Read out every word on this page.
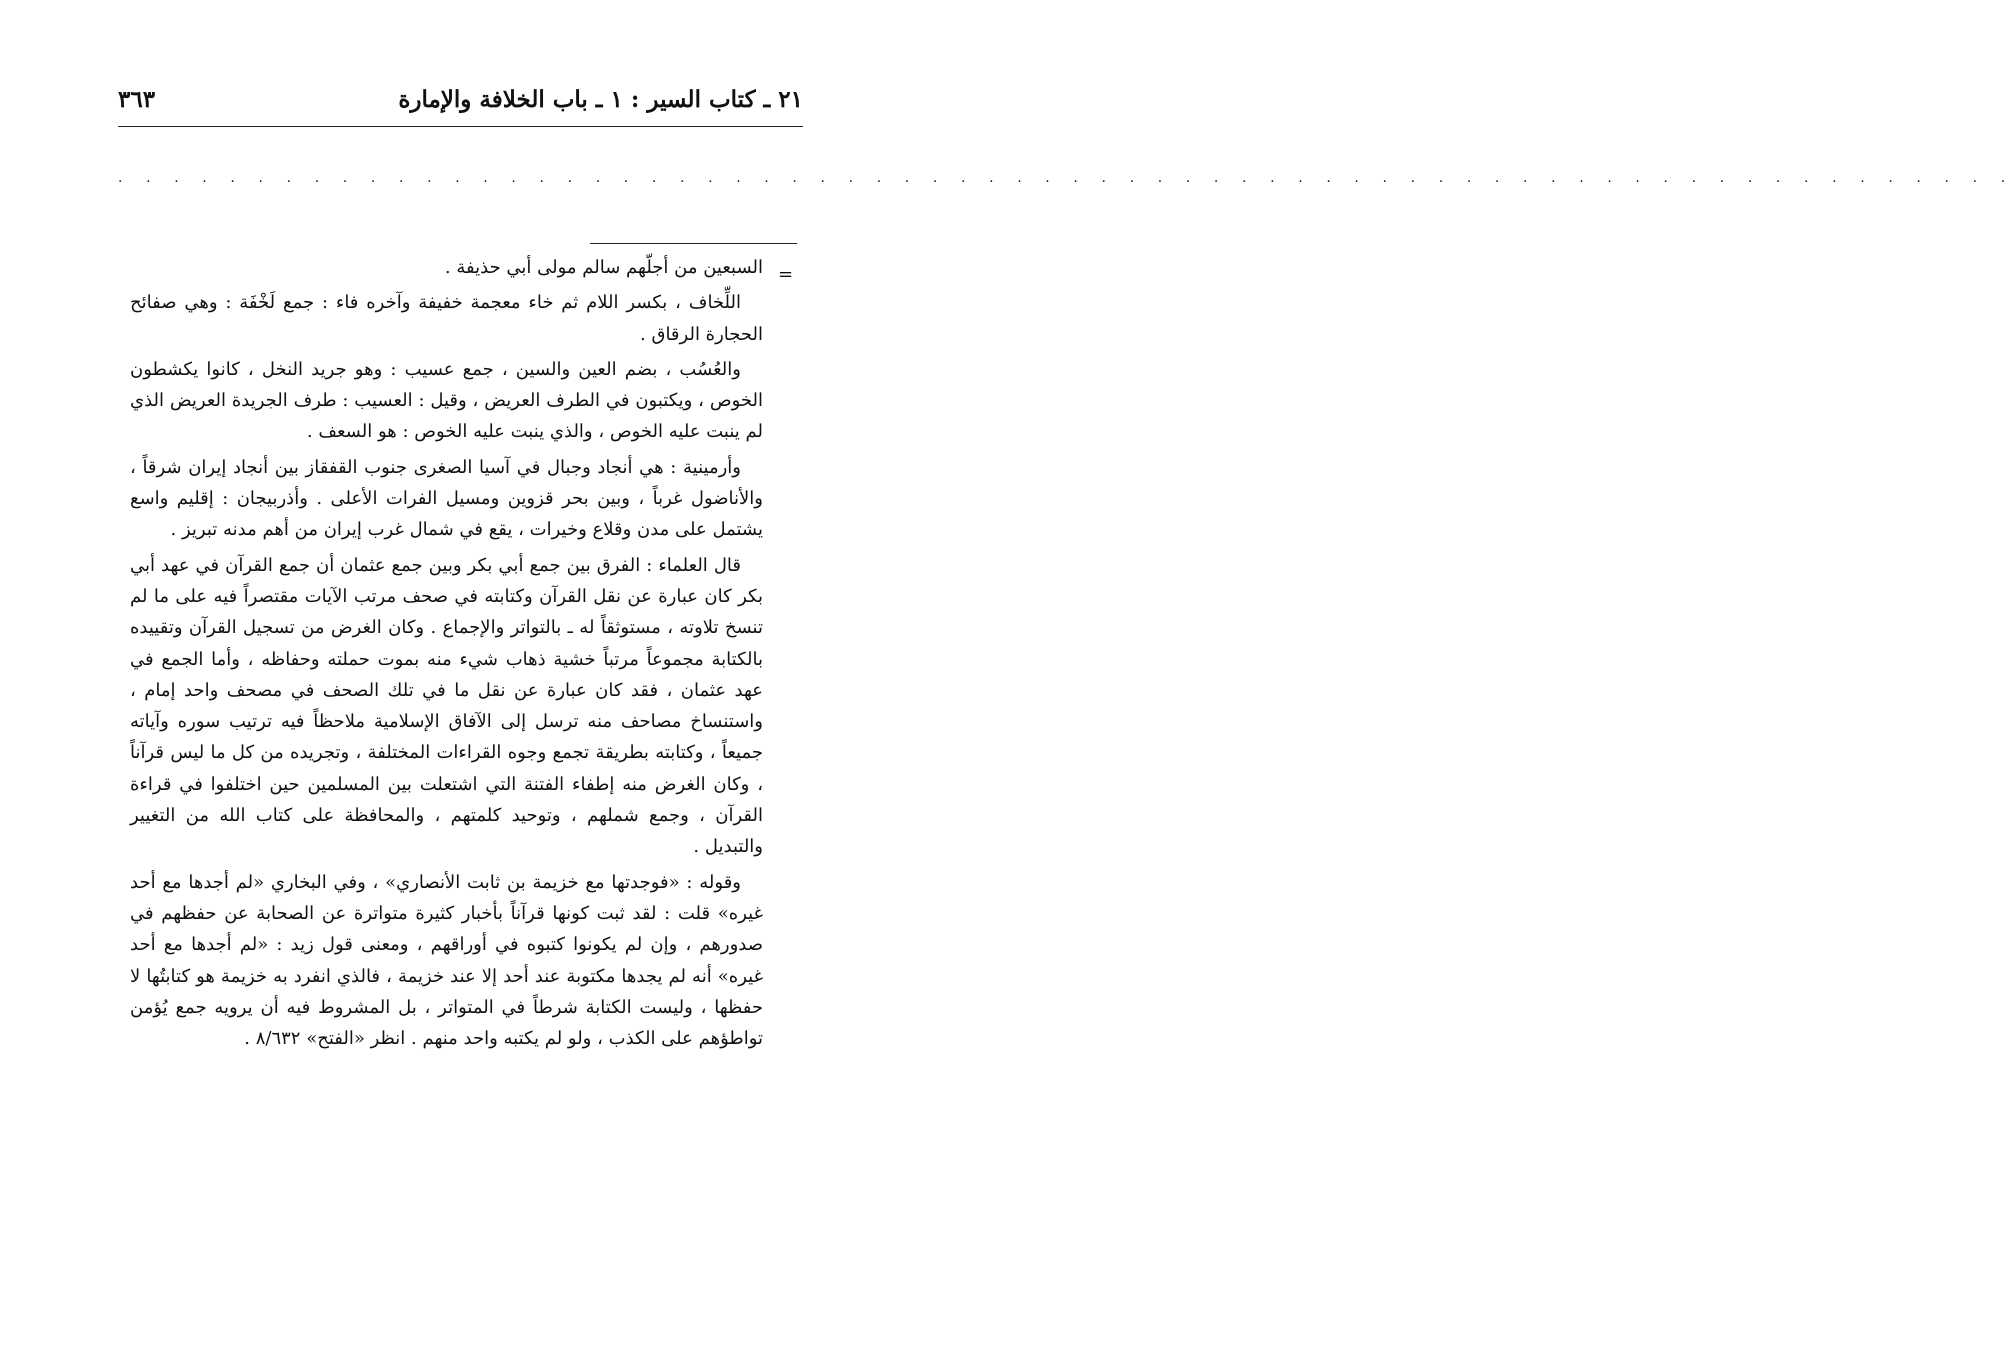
٢١ ـ كتاب السير : ١ ـ باب الخلافة والإمارة
٣٦٣
. . . . . . . . . . . . . . . . . . . . . . . . . . . . . . . . . . . . . . . . . . . . . . . . . . . . . . . . . . . . . . . . . . . .
=

السبعين من أجلّهم سالم مولى أبي حذيفة .

اللِّخاف ، بكسر اللام ثم خاء معجمة خفيفة وآخره فاء : جمع لَخْفَة : وهي صفائح الحجارة الرقاق .

والعُسُب ، بضم العين والسين ، جمع عسيب : وهو جريد النخل ، كانوا يكشطون الخوص ، ويكتبون في الطرف العريض ، وقيل : العسيب : طرف الجريدة العريض الذي لم ينبت عليه الخوص ، والذي ينبت عليه الخوص : هو السعف .

وأرمينية : هي أنجاد وجبال في آسيا الصغرى جنوب القفقاز بين أنجاد إيران شرقاً ، والأناضول غرباً ، وبين بحر قزوين ومسيل الفرات الأعلى . وأذربيجان : إقليم واسع يشتمل على مدن وقلاع وخيرات ، يقع في شمال غرب إيران من أهم مدنه تبريز .

قال العلماء : الفرق بين جمع أبي بكر وبين جمع عثمان أن جمع القرآن في عهد أبي بكر كان عبارة عن نقل القرآن وكتابته في صحف مرتب الآيات مقتصراً فيه على ما لم تنسخ تلاوته ، مستوثقاً له ـ بالتواتر والإجماع . وكان الغرض من تسجيل القرآن وتقييده بالكتابة مجموعاً مرتباً خشية ذهاب شيء منه بموت حملته وحفاظه ، وأما الجمع في عهد عثمان ، فقد كان عبارة عن نقل ما في تلك الصحف في مصحف واحد إمام ، واستنساخ مصاحف منه ترسل إلى الآفاق الإسلامية ملاحظاً فيه ترتيب سوره وآياته جميعاً ، وكتابته بطريقة تجمع وجوه القراءات المختلفة ، وتجريده من كل ما ليس قرآناً ، وكان الغرض منه إطفاء الفتنة التي اشتعلت بين المسلمين حين اختلفوا في قراءة القرآن ، وجمع شملهم ، وتوحيد كلمتهم ، والمحافظة على كتاب الله من التغيير والتبديل .

وقوله : «فوجدتها مع خزيمة بن ثابت الأنصاري» ، وفي البخاري «لم أجدها مع أحد غيره» قلت : لقد ثبت كونها قرآناً بأخبار كثيرة متواترة عن الصحابة عن حفظهم في صدورهم ، وإن لم يكونوا كتبوه في أوراقهم ، ومعنى قول زيد : «لم أجدها مع أحد غيره» أنه لم يجدها مكتوبة عند أحد إلا عند خزيمة ، فالذي انفرد به خزيمة هو كتابتُها لا حفظها ، وليست الكتابة شرطاً في المتواتر ، بل المشروط فيه أن يرويه جمع يُؤمن تواطؤهم على الكذب ، ولو لم يكتبه واحد منهم . انظر «الفتح» ٨/٦٣٢ .
